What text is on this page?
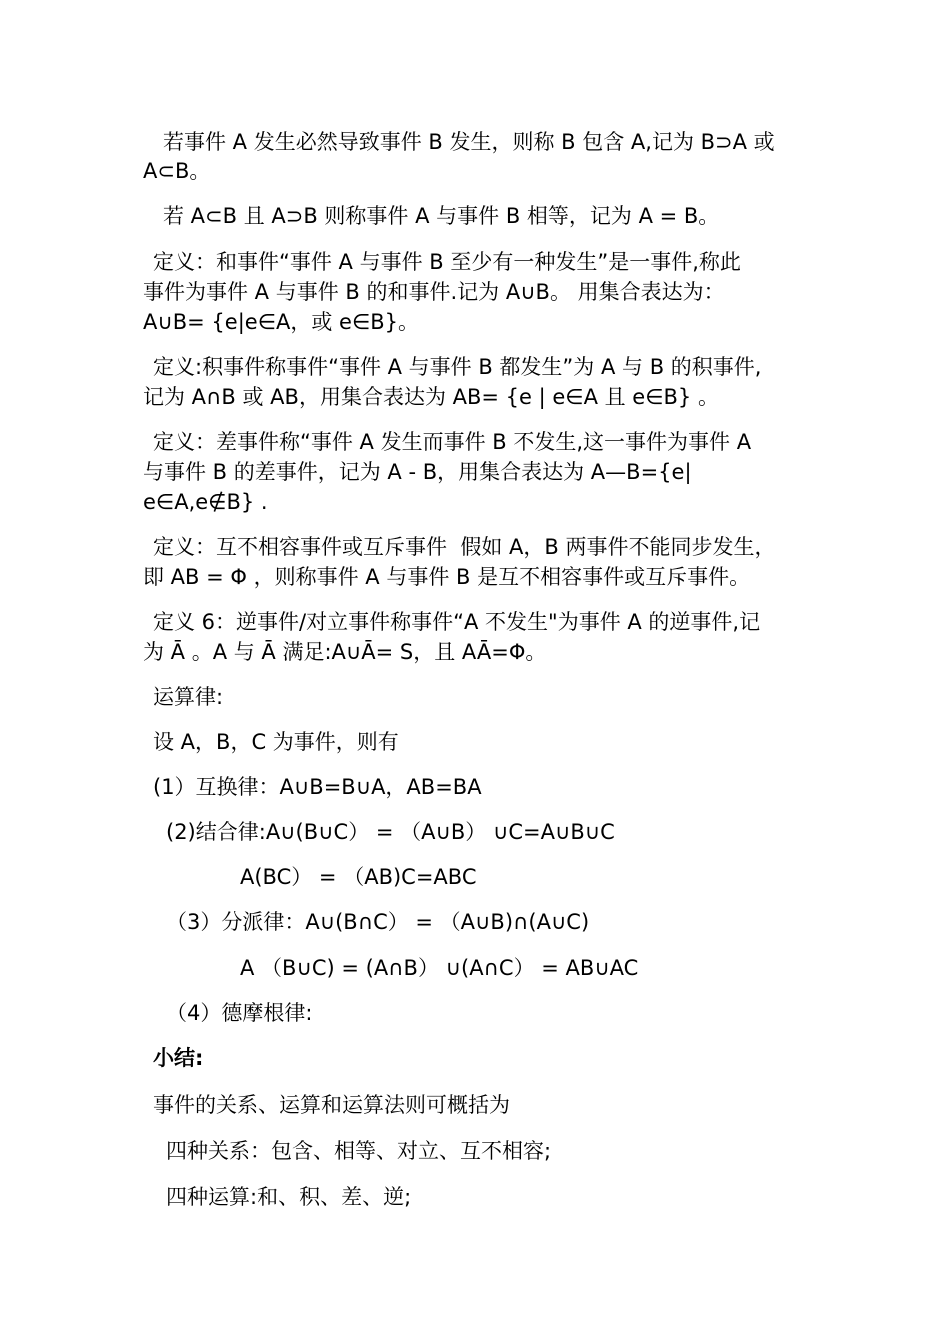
若事件 A 发生必然导致事件 B 发生，则称 B 包含 A,记为 B⊃A 或
A⊂B。
若 A⊂B 且 A⊃B 则称事件 A 与事件 B 相等，记为 A = B。
定义：和事件“事件 A 与事件 B 至少有一种发生”是一事件,称此
事件为事件 A 与事件 B 的和事件.记为 A∪B。 用集合表达为：
A∪B= {e|e∈A，或 e∈B}。
定义:积事件称事件“事件 A 与事件 B 都发生”为 A 与 B 的积事件,
记为 A∩B 或 AB，用集合表达为 AB= {e | e∈A 且 e∈B} 。
定义：差事件称“事件 A 发生而事件 B 不发生,这一事件为事件 A
与事件 B 的差事件，记为 A - B，用集合表达为 A—B={e|
e∈A,e∉B} .
定义：互不相容事件或互斥事件  假如 A，B 两事件不能同步发生，
即 AB = Φ ，则称事件 A 与事件 B 是互不相容事件或互斥事件。
定义 6：逆事件/对立事件称事件“A 不发生"为事件 A 的逆事件,记
为 Ā 。A 与 Ā 满足:A∪Ā= S，且 AĀ=Φ。
运算律:
设 A，B，C 为事件，则有
(1）互换律：A∪B=B∪A，AB=BA
(2)结合律:A∪(B∪C） = （A∪B） ∪C=A∪B∪C
A(BC） = （AB)C=ABC
（3）分派律：A∪(B∩C） = （A∪B)∩(A∪C)
A （B∪C) = (A∩B） ∪(A∩C） = AB∪AC
（4）德摩根律:
小结:
事件的关系、运算和运算法则可概括为
四种关系：包含、相等、对立、互不相容;
四种运算:和、积、差、逆;
